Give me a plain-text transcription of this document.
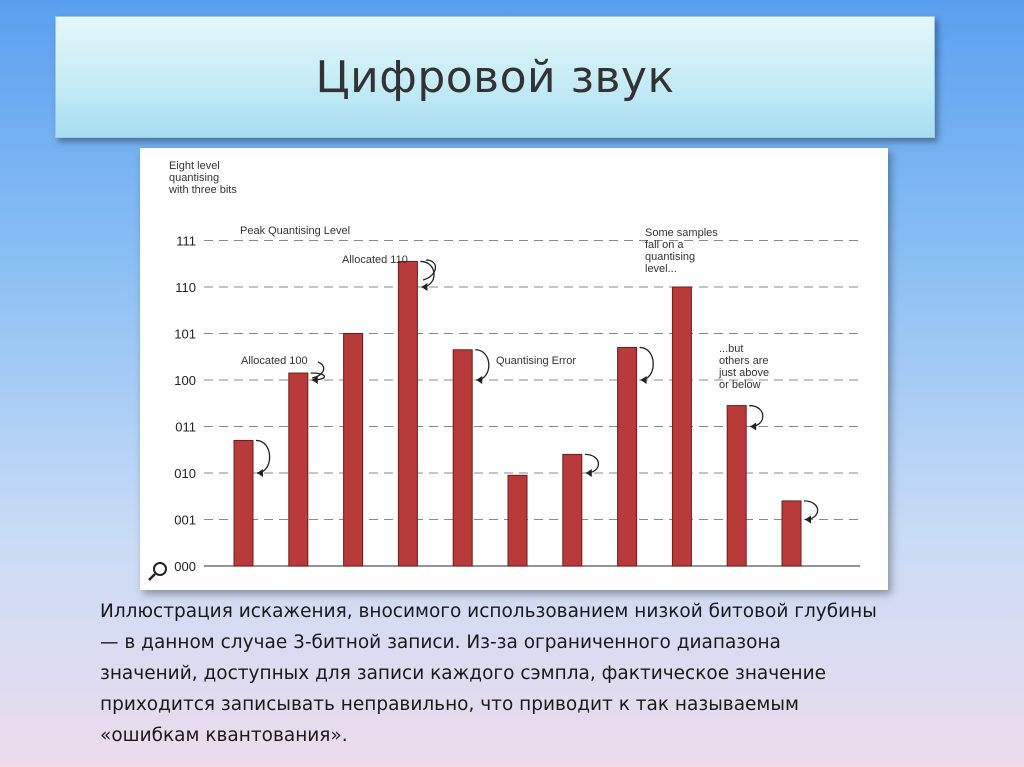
Цифровой звук
Eight level
quantising
with three bits
000
001
010
011
100
101
110
111
Peak Quantising Level
Allocated 110
Allocated 100	Quantising Error
Some samples
fall on a
quantising
level...
...but
others are
just above
or below

Иллюстрация искажения, вносимого использованием низкой битовой глубины
— в данном случае 3-битной записи. Из-за ограниченного диапазона
значений, доступных для записи каждого сэмпла, фактическое значение
приходится записывать неправильно, что приводит к так называемым
«ошибкам квантования».
